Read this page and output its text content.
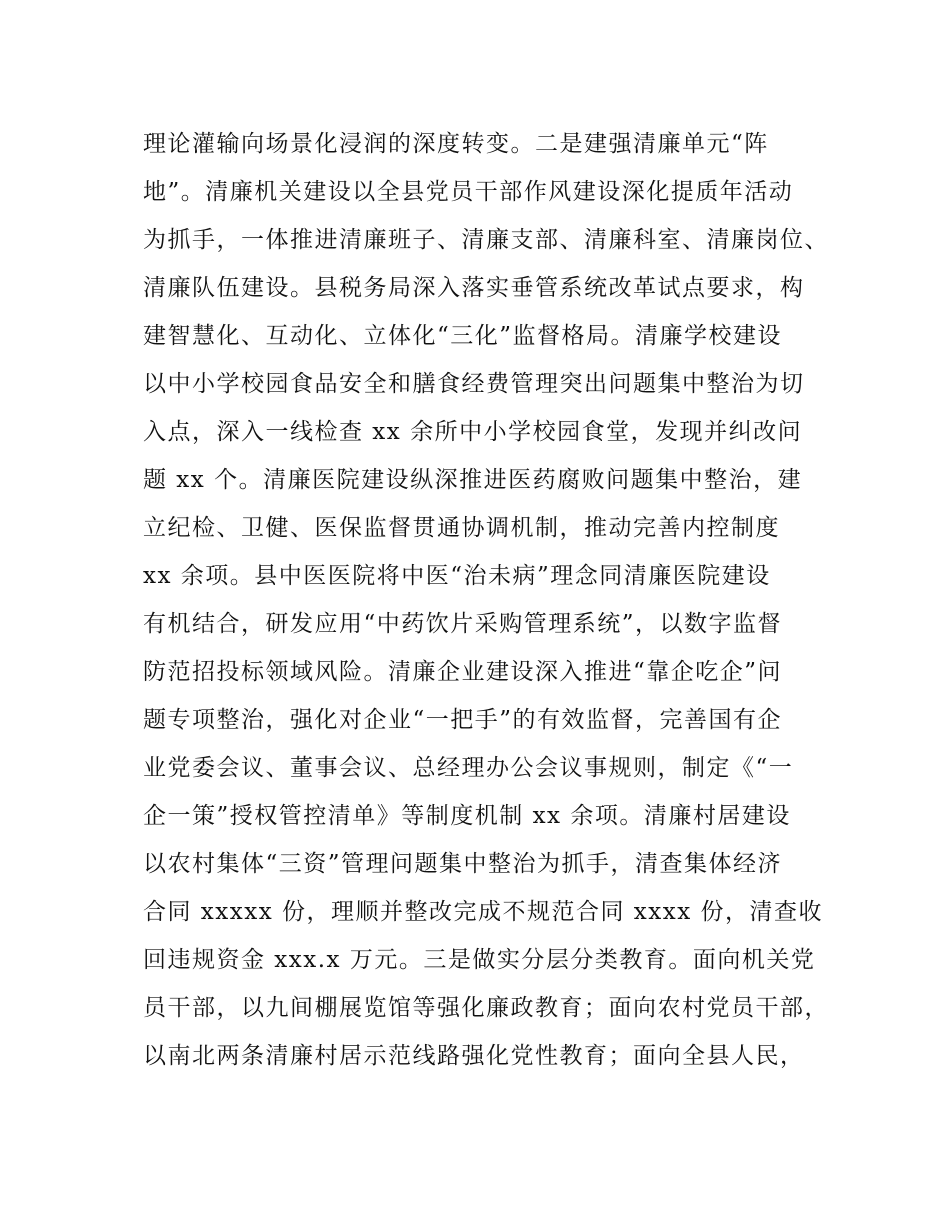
理论灌输向场景化浸润的深度转变。二是建强清廉单元“阵
地”。清廉机关建设以全县党员干部作风建设深化提质年活动
为抓手，一体推进清廉班子、清廉支部、清廉科室、清廉岗位、
清廉队伍建设。县税务局深入落实垂管系统改革试点要求，构
建智慧化、互动化、立体化“三化”监督格局。清廉学校建设
以中小学校园食品安全和膳食经费管理突出问题集中整治为切
入点，深入一线检查 xx 余所中小学校园食堂，发现并纠改问
题 xx 个。清廉医院建设纵深推进医药腐败问题集中整治，建
立纪检、卫健、医保监督贯通协调机制，推动完善内控制度
xx 余项。县中医医院将中医“治未病”理念同清廉医院建设
有机结合，研发应用“中药饮片采购管理系统”，以数字监督
防范招投标领域风险。清廉企业建设深入推进“靠企吃企”问
题专项整治，强化对企业“一把手”的有效监督，完善国有企
业党委会议、董事会议、总经理办公会议事规则，制定《“一
企一策”授权管控清单》等制度机制 xx 余项。清廉村居建设
以农村集体“三资”管理问题集中整治为抓手，清查集体经济
合同 xxxxx 份，理顺并整改完成不规范合同 xxxx 份，清查收
回违规资金 xxx.x 万元。三是做实分层分类教育。面向机关党
员干部，以九间棚展览馆等强化廉政教育；面向农村党员干部，
以南北两条清廉村居示范线路强化党性教育；面向全县人民，
